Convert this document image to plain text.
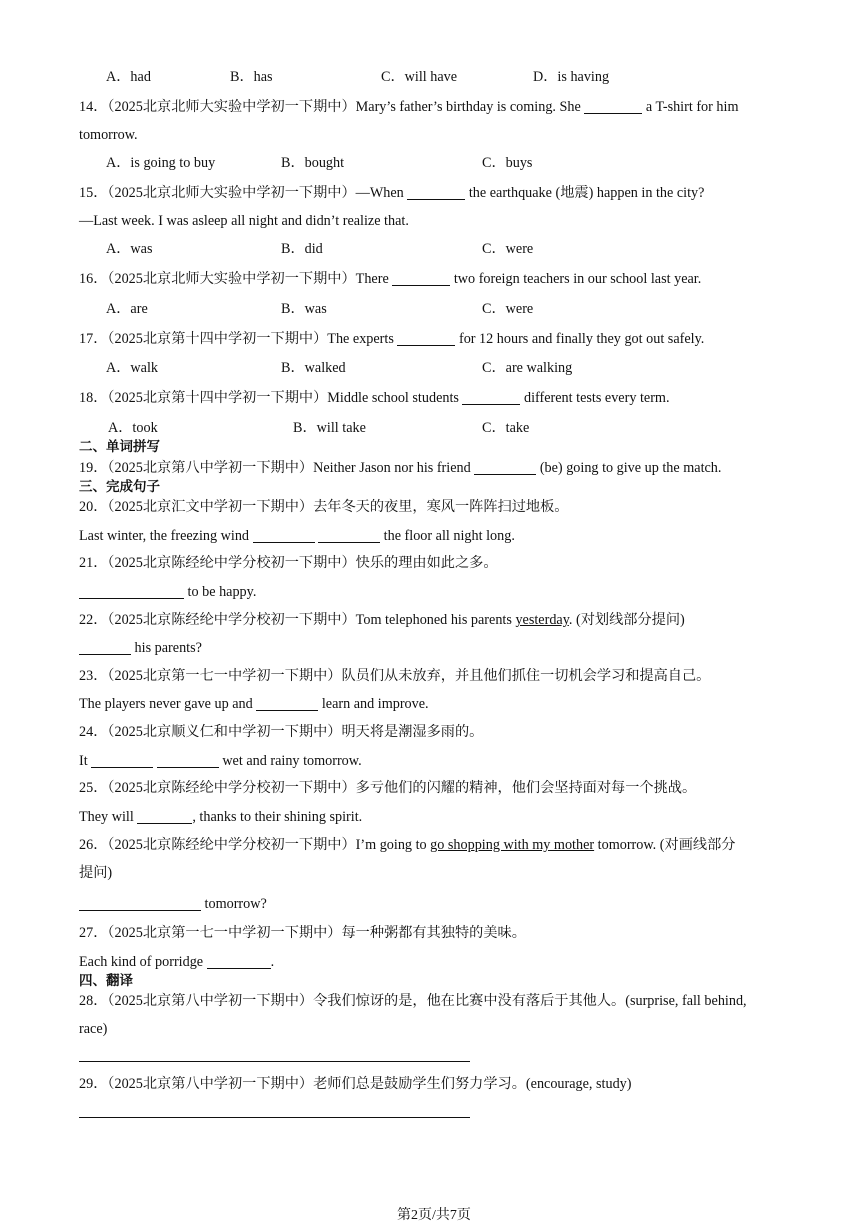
A．had	B．has	C．will have	D．is having
14．（2025北京北师大实验中学初一下期中）Mary’s father’s birthday is coming. She	a T-shirt for him
tomorrow.
A．is going to buy	B．bought	C．buys
15．（2025北京北师大实验中学初一下期中）—When	the earthquake (地震) happen in the city?
—Last week. I was asleep all night and didn’t realize that.
A．was	B．did	C．were
16．（2025北京北师大实验中学初一下期中）There	two foreign teachers in our school last year.
A．are	B．was	C．were
17．（2025北京第十四中学初一下期中）The experts	for 12 hours and finally they got out safely.
A．walk	B．walked	C．are walking
18．（2025北京第十四中学初一下期中）Middle school students	different tests every term.
A．took	B．will take	C．take
二、单词拼写
19．（2025北京第八中学初一下期中）Neither Jason nor his friend	(be) going to give up the match.
三、完成句子
20．（2025北京汇文中学初一下期中）去年冬天的夜里，寒风一阵阵扫过地板。
Last winter, the freezing wind	the floor all night long.
21．（2025北京陈经纶中学分校初一下期中）快乐的理由如此之多。
to be happy.
22．（2025北京陈经纶中学分校初一下期中）Tom telephoned his parents yesterday. (对划线部分提问)
his parents?
23．（2025北京第一七一中学初一下期中）队员们从未放弃，并且他们抓住一切机会学习和提高自己。
The players never gave up and	learn and improve.
24．（2025北京顺义仁和中学初一下期中）明天将是潮湿多雨的。
It	wet and rainy tomorrow.
25．（2025北京陈经纶中学分校初一下期中）多亏他们的闪耀的精神，他们会坚持面对每一个挑战。
They will	, thanks to their shining spirit.
26．（2025北京陈经纶中学分校初一下期中）I’m going to go shopping with my mother tomorrow. (对画线部分
提问)
tomorrow?
27．（2025北京第一七一中学初一下期中）每一种粥都有其独特的美味。
Each kind of porridge	.
四、翻译
28．（2025北京第八中学初一下期中）令我们惊讶的是，他在比赛中没有落后于其他人。(surprise, fall behind,
race)
29．（2025北京第八中学初一下期中）老师们总是鼓励学生们努力学习。(encourage, study)
第2页/共7页
